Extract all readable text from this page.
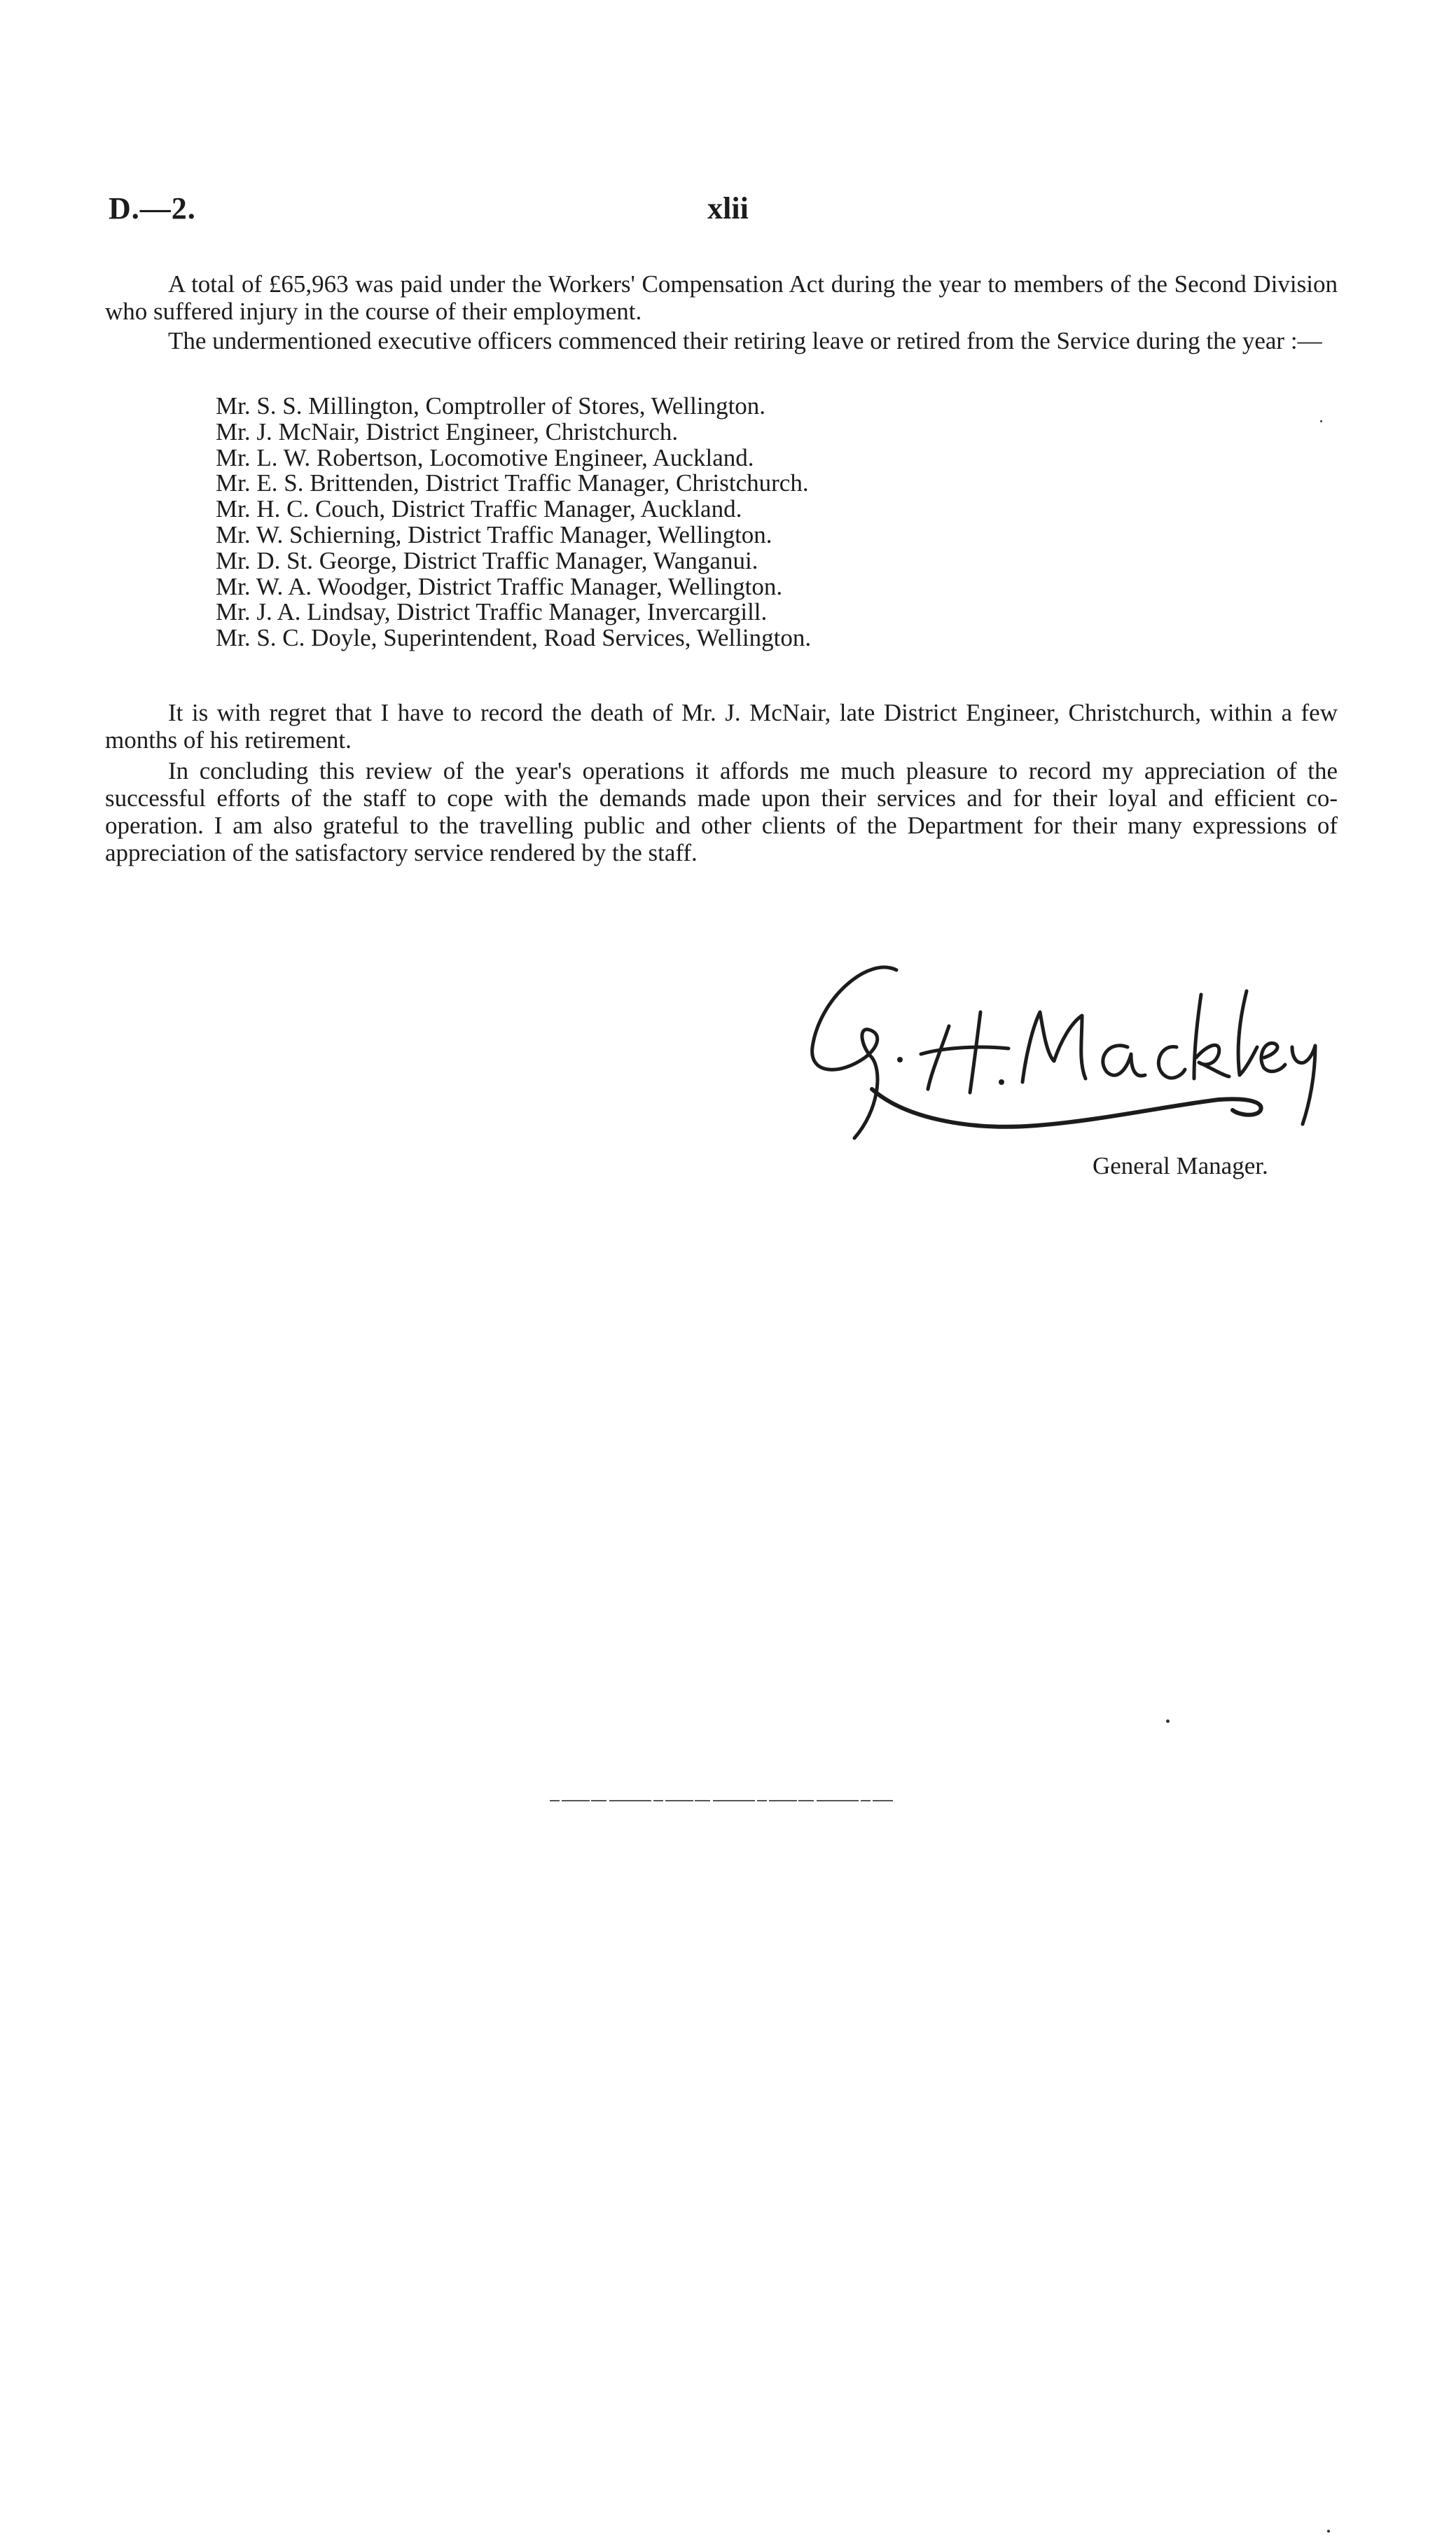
D.—2.	xlii

A total of £65,963 was paid under the Workers' Compensation Act during the year to members of the Second Division who suffered injury in the course of their employment.

The undermentioned executive officers commenced their retiring leave or retired from the Service during the year :—

Mr. S. S. Millington, Comptroller of Stores, Wellington.
Mr. J. McNair, District Engineer, Christchurch.
Mr. L. W. Robertson, Locomotive Engineer, Auckland.
Mr. E. S. Brittenden, District Traffic Manager, Christchurch.
Mr. H. C. Couch, District Traffic Manager, Auckland.
Mr. W. Schierning, District Traffic Manager, Wellington.
Mr. D. St. George, District Traffic Manager, Wanganui.
Mr. W. A. Woodger, District Traffic Manager, Wellington.
Mr. J. A. Lindsay, District Traffic Manager, Invercargill.
Mr. S. C. Doyle, Superintendent, Road Services, Wellington.

It is with regret that I have to record the death of Mr. J. McNair, late District Engineer, Christchurch, within a few months of his retirement.

In concluding this review of the year's operations it affords me much pleasure to record my appreciation of the successful efforts of the staff to cope with the demands made upon their services and for their loyal and efficient co-operation. I am also grateful to the travelling public and other clients of the Department for their many expressions of appreciation of the satisfactory service rendered by the staff.

General Manager.
